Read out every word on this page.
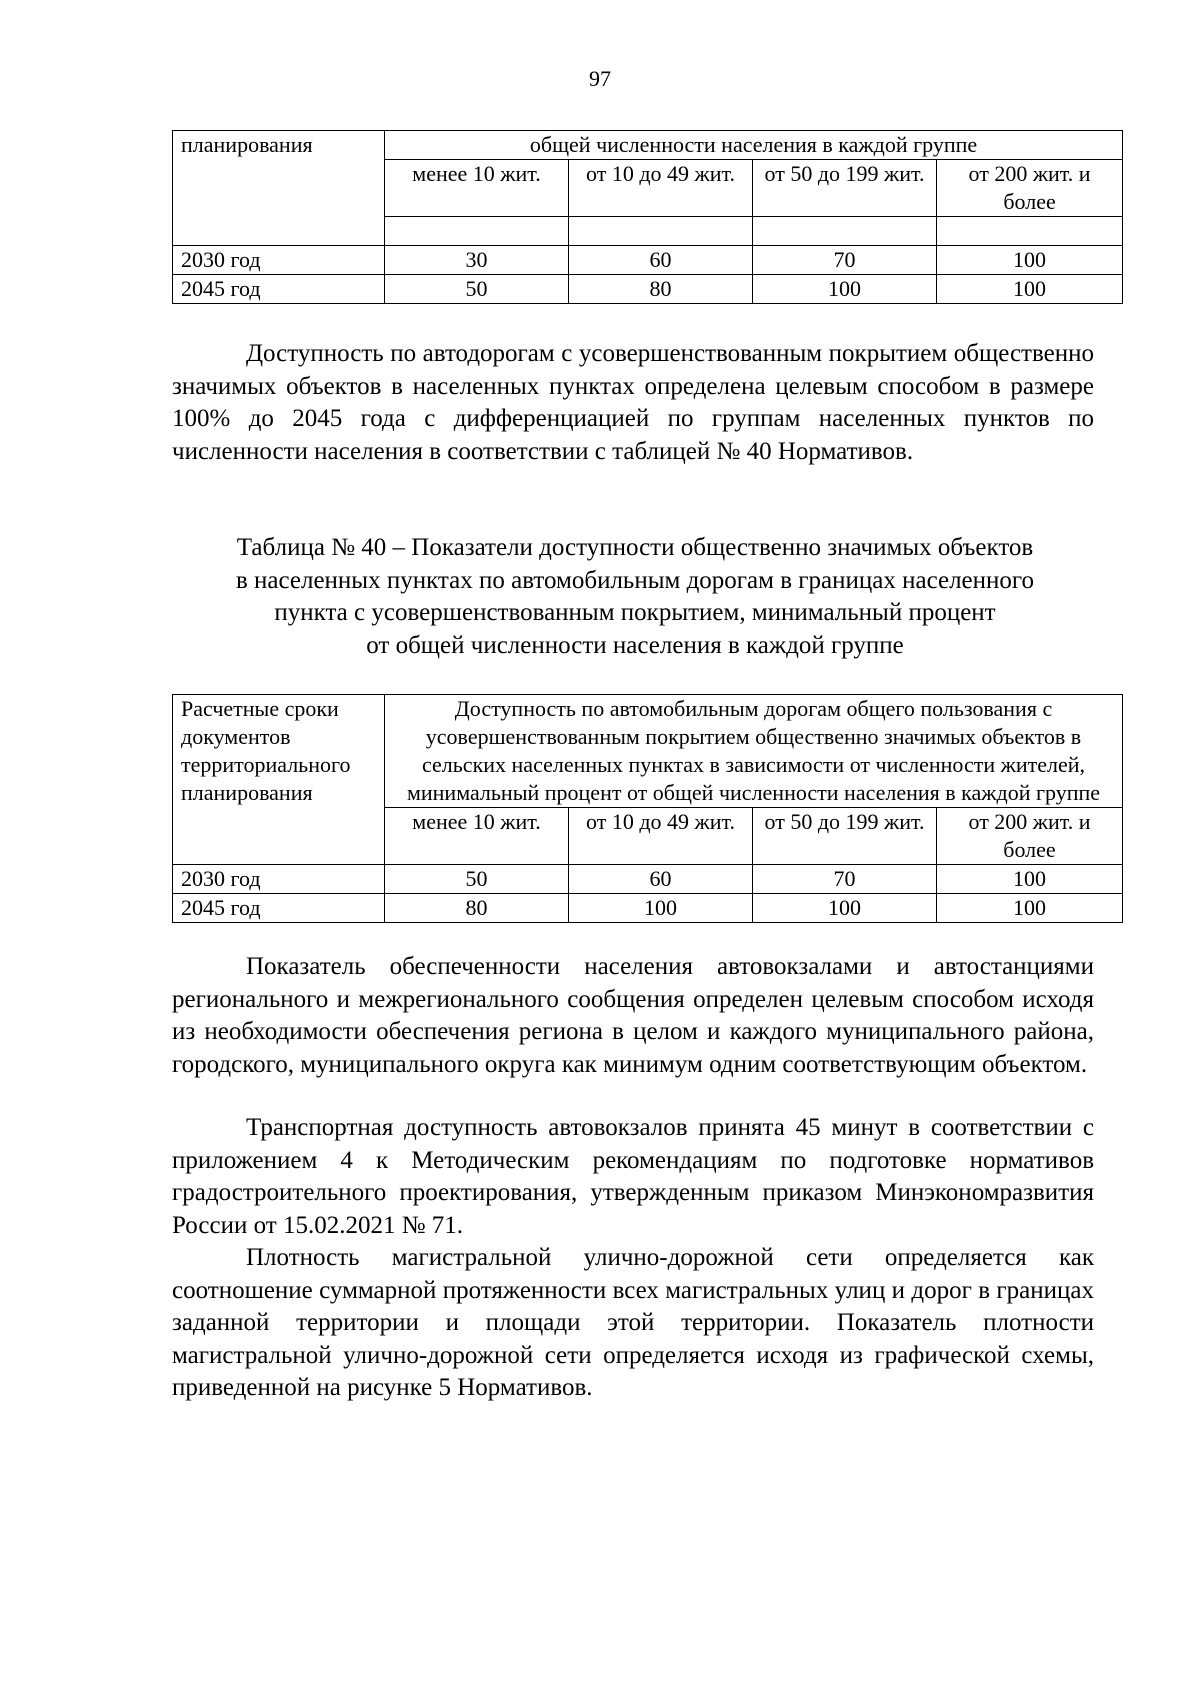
97
планирования	общей численности населения в каждой группе			
	менее 10 жит.	от 10 до 49 жит.	от 50 до 199 жит.	от 200 жит. и более

2030 год	30	60	70	100
2045 год	50	80	100	100

Доступность по автодорогам с усовершенствованным покрытием общественно значимых объектов в населенных пунктах определена целевым способом в размере 100% до 2045 года с дифференциацией по группам населенных пунктов по численности населения в соответствии с таблицей № 40 Нормативов.

Таблица № 40 – Показатели доступности общественно значимых объектов
в населенных пунктах по автомобильным дорогам в границах населенного
пункта с усовершенствованным покрытием, минимальный процент
от общей численности населения в каждой группе
Расчетные сроки документов территориального планирования	Доступность по автомобильным дорогам общего пользования с усовершенствованным покрытием общественно значимых объектов в сельских населенных пунктах в зависимости от численности жителей, минимальный процент от общей численности населения в каждой группе			
	менее 10 жит.	от 10 до 49 жит.	от 50 до 199 жит.	от 200 жит. и более
2030 год	50	60	70	100
2045 год	80	100	100	100

Показатель обеспеченности населения автовокзалами и автостанциями регионального и межрегионального сообщения определен целевым способом исходя из необходимости обеспечения региона в целом и каждого муниципального района, городского, муниципального округа как минимум одним соответствующим объектом.

Транспортная доступность автовокзалов принята 45 минут в соответствии с приложением 4 к Методическим рекомендациям по подготовке нормативов градостроительного проектирования, утвержденным приказом Минэкономразвития России от 15.02.2021 № 71.

Плотность магистральной улично-дорожной сети определяется как соотношение суммарной протяженности всех магистральных улиц и дорог в границах заданной территории и площади этой территории. Показатель плотности магистральной улично-дорожной сети определяется исходя из графической схемы, приведенной на рисунке 5 Нормативов.
